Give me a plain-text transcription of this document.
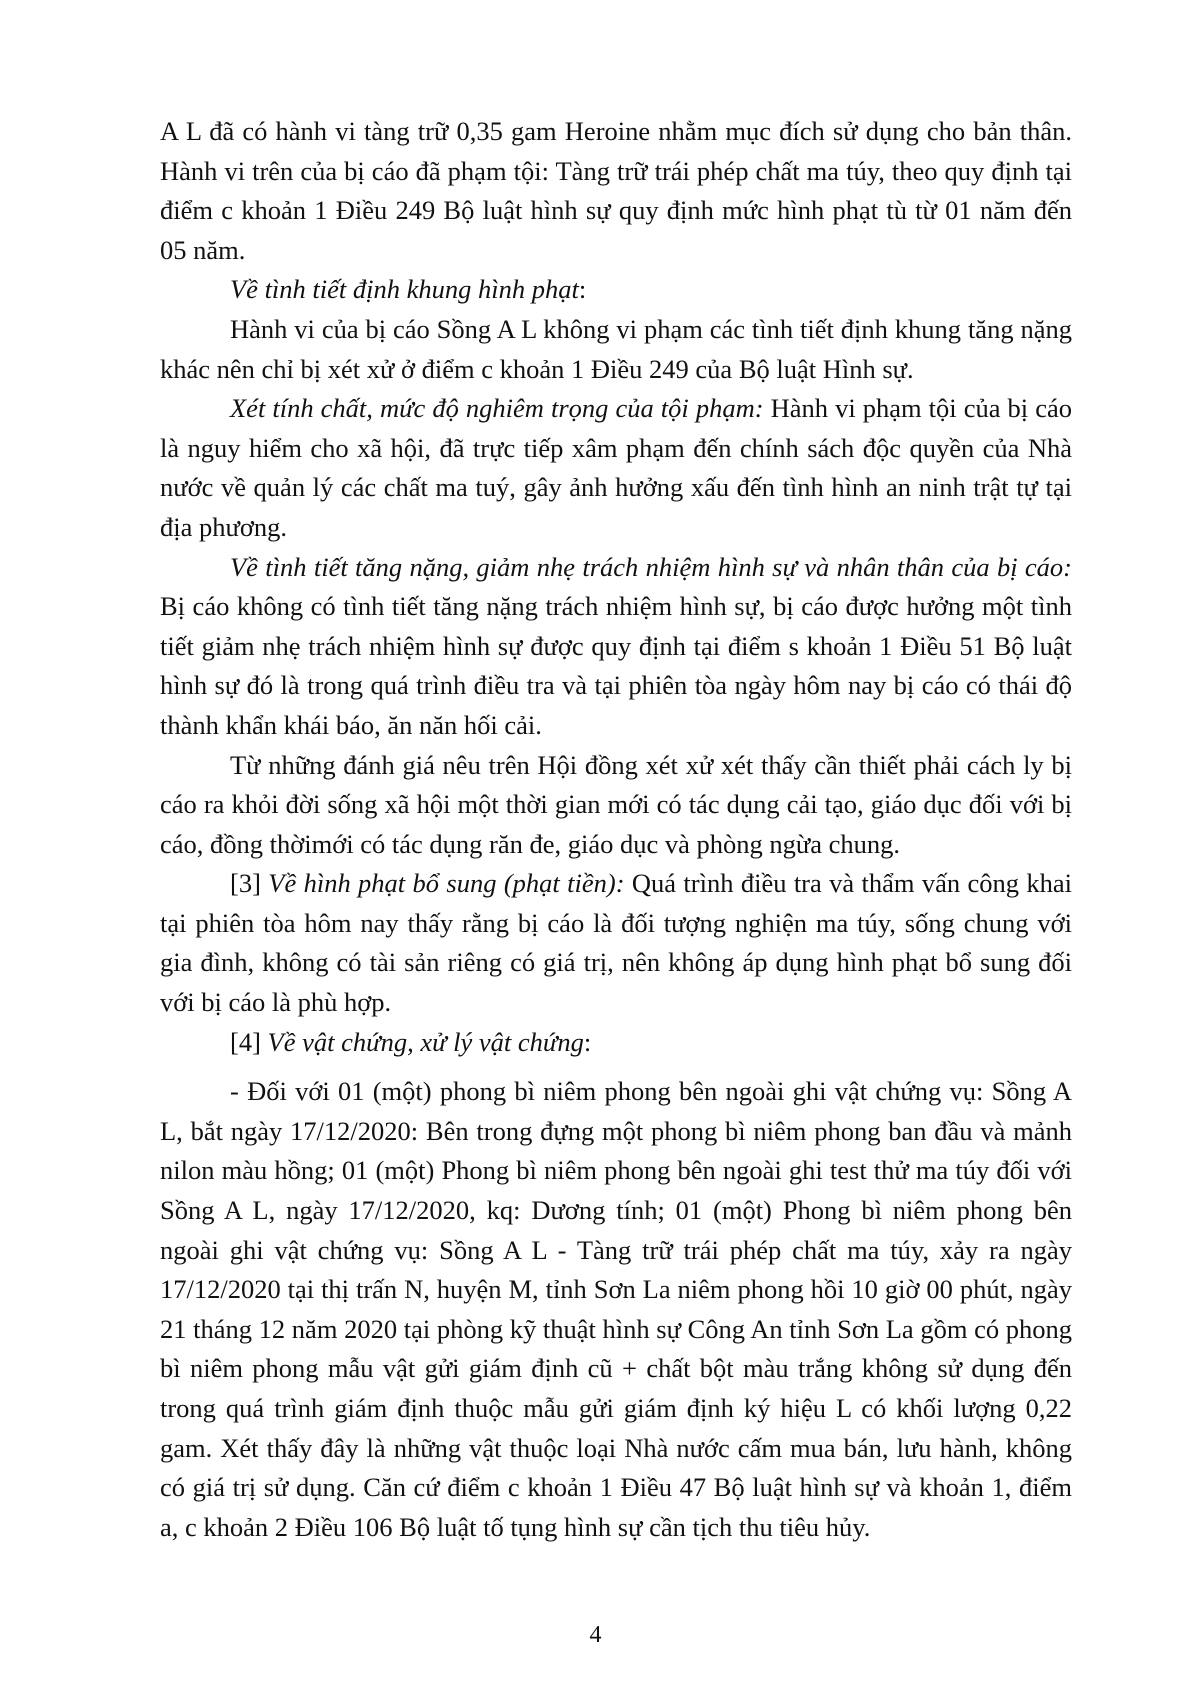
A L đã có hành vi tàng trữ 0,35 gam Heroine nhằm mục đích sử dụng cho bản thân. Hành vi trên của bị cáo đã phạm tội: Tàng trữ trái phép chất ma túy, theo quy định tại điểm c khoản 1 Điều 249 Bộ luật hình sự quy định mức hình phạt tù từ 01 năm đến 05 năm.

Về tình tiết định khung hình phạt:

Hành vi của bị cáo Sồng A L không vi phạm các tình tiết định khung tăng nặng khác nên chỉ bị xét xử ở điểm c khoản 1 Điều 249 của Bộ luật Hình sự.

Xét tính chất, mức độ nghiêm trọng của tội phạm: Hành vi phạm tội của bị cáo là nguy hiểm cho xã hội, đã trực tiếp xâm phạm đến chính sách độc quyền của Nhà nước về quản lý các chất ma tuý, gây ảnh hưởng xấu đến tình hình an ninh trật tự tại địa phương.

Về tình tiết tăng nặng, giảm nhẹ trách nhiệm hình sự và nhân thân của bị cáo: Bị cáo không có tình tiết tăng nặng trách nhiệm hình sự, bị cáo được hưởng một tình tiết giảm nhẹ trách nhiệm hình sự được quy định tại điểm s khoản 1 Điều 51 Bộ luật hình sự đó là trong quá trình điều tra và tại phiên tòa ngày hôm nay bị cáo có thái độ thành khẩn khái báo, ăn năn hối cải.

Từ những đánh giá nêu trên Hội đồng xét xử xét thấy cần thiết phải cách ly bị cáo ra khỏi đời sống xã hội một thời gian mới có tác dụng cải tạo, giáo dục đối với bị cáo, đồng thờimới có tác dụng răn đe, giáo dục và phòng ngừa chung.

[3] Về hình phạt bổ sung (phạt tiền): Quá trình điều tra và thẩm vấn công khai tại phiên tòa hôm nay thấy rằng bị cáo là đối tượng nghiện ma túy, sống chung với gia đình, không có tài sản riêng có giá trị, nên không áp dụng hình phạt bổ sung đối với bị cáo là phù hợp.

[4] Về vật chứng, xử lý vật chứng:

- Đối với 01 (một) phong bì niêm phong bên ngoài ghi vật chứng vụ: Sồng A L, bắt ngày 17/12/2020: Bên trong đựng một phong bì niêm phong ban đầu và mảnh nilon màu hồng; 01 (một) Phong bì niêm phong bên ngoài ghi test thử ma túy đối với Sồng A L, ngày 17/12/2020, kq: Dương tính; 01 (một) Phong bì niêm phong bên ngoài ghi vật chứng vụ: Sồng A L - Tàng trữ trái phép chất ma túy, xảy ra ngày 17/12/2020 tại thị trấn N, huyện M, tỉnh Sơn La niêm phong hồi 10 giờ 00 phút, ngày 21 tháng 12 năm 2020 tại phòng kỹ thuật hình sự Công An tỉnh Sơn La gồm có phong bì niêm phong mẫu vật gửi giám định cũ + chất bột màu trắng không sử dụng đến trong quá trình giám định thuộc mẫu gửi giám định ký hiệu L có khối lượng 0,22 gam. Xét thấy đây là những vật thuộc loại Nhà nước cấm mua bán, lưu hành, không có giá trị sử dụng. Căn cứ điểm c khoản 1 Điều 47 Bộ luật hình sự và khoản 1, điểm a, c khoản 2 Điều 106 Bộ luật tố tụng hình sự cần tịch thu tiêu hủy.

4
